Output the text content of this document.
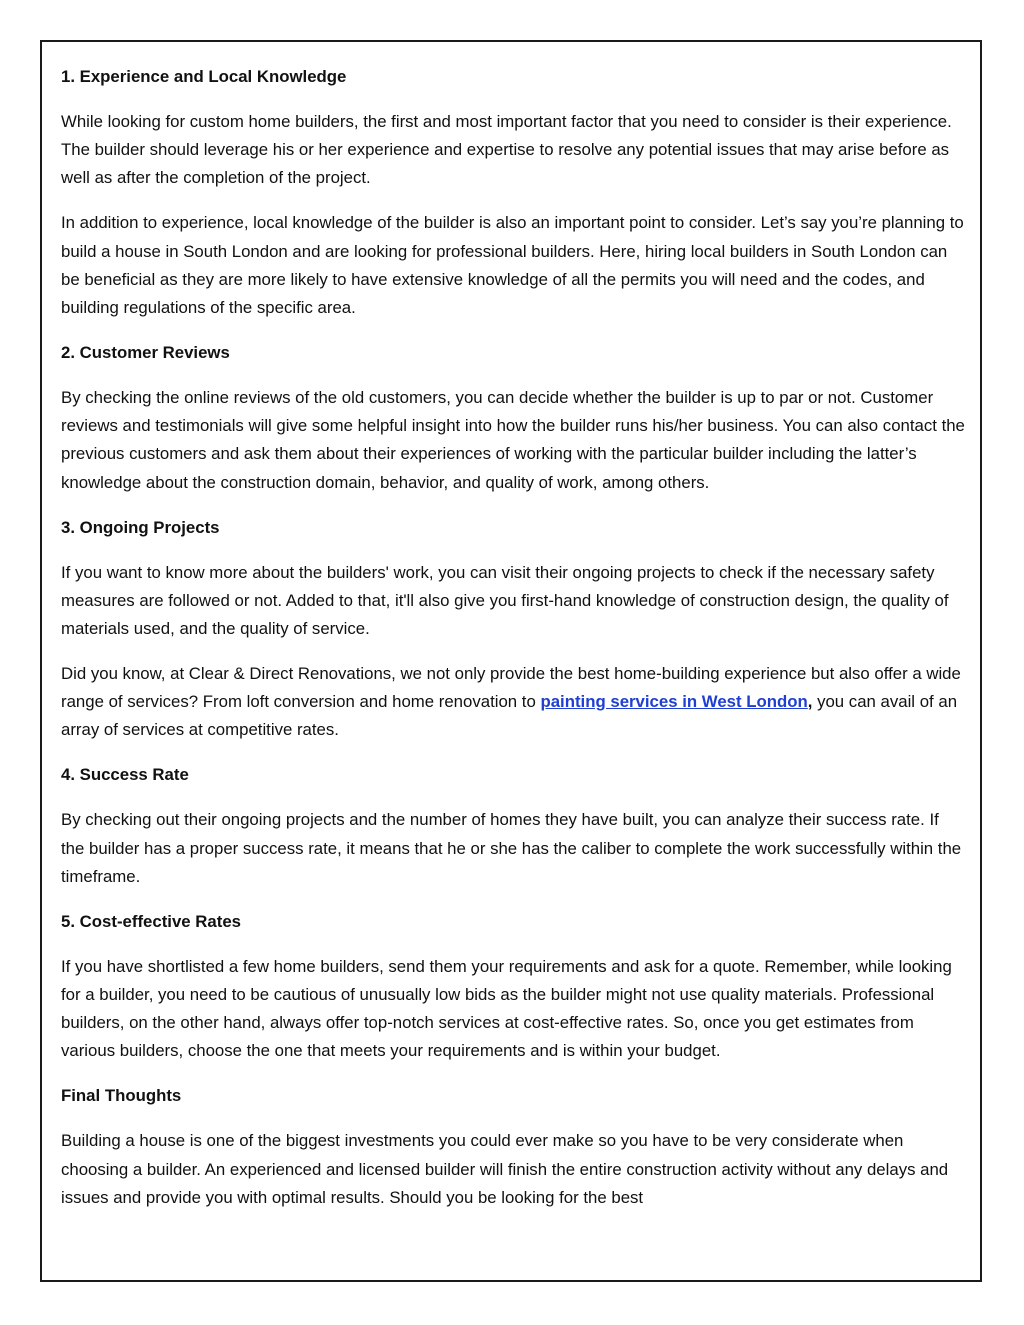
1. Experience and Local Knowledge

While looking for custom home builders, the first and most important factor that you need to consider is their experience. The builder should leverage his or her experience and expertise to resolve any potential issues that may arise before as well as after the completion of the project.

In addition to experience, local knowledge of the builder is also an important point to consider. Let’s say you’re planning to build a house in South London and are looking for professional builders. Here, hiring local builders in South London can be beneficial as they are more likely to have extensive knowledge of all the permits you will need and the codes, and building regulations of the specific area.

2. Customer Reviews

By checking the online reviews of the old customers, you can decide whether the builder is up to par or not. Customer reviews and testimonials will give some helpful insight into how the builder runs his/her business. You can also contact the previous customers and ask them about their experiences of working with the particular builder including the latter’s knowledge about the construction domain, behavior, and quality of work, among others.

3. Ongoing Projects

If you want to know more about the builders' work, you can visit their ongoing projects to check if the necessary safety measures are followed or not. Added to that, it'll also give you first-hand knowledge of construction design, the quality of materials used, and the quality of service.

Did you know, at Clear & Direct Renovations, we not only provide the best home-building experience but also offer a wide range of services? From loft conversion and home renovation to painting services in West London, you can avail of an array of services at competitive rates.

4. Success Rate

By checking out their ongoing projects and the number of homes they have built, you can analyze their success rate. If the builder has a proper success rate, it means that he or she has the caliber to complete the work successfully within the timeframe.

5. Cost-effective Rates

If you have shortlisted a few home builders, send them your requirements and ask for a quote. Remember, while looking for a builder, you need to be cautious of unusually low bids as the builder might not use quality materials. Professional builders, on the other hand, always offer top-notch services at cost-effective rates. So, once you get estimates from various builders, choose the one that meets your requirements and is within your budget.

Final Thoughts

Building a house is one of the biggest investments you could ever make so you have to be very considerate when choosing a builder. An experienced and licensed builder will finish the entire construction activity without any delays and issues and provide you with optimal results. Should you be looking for the best
